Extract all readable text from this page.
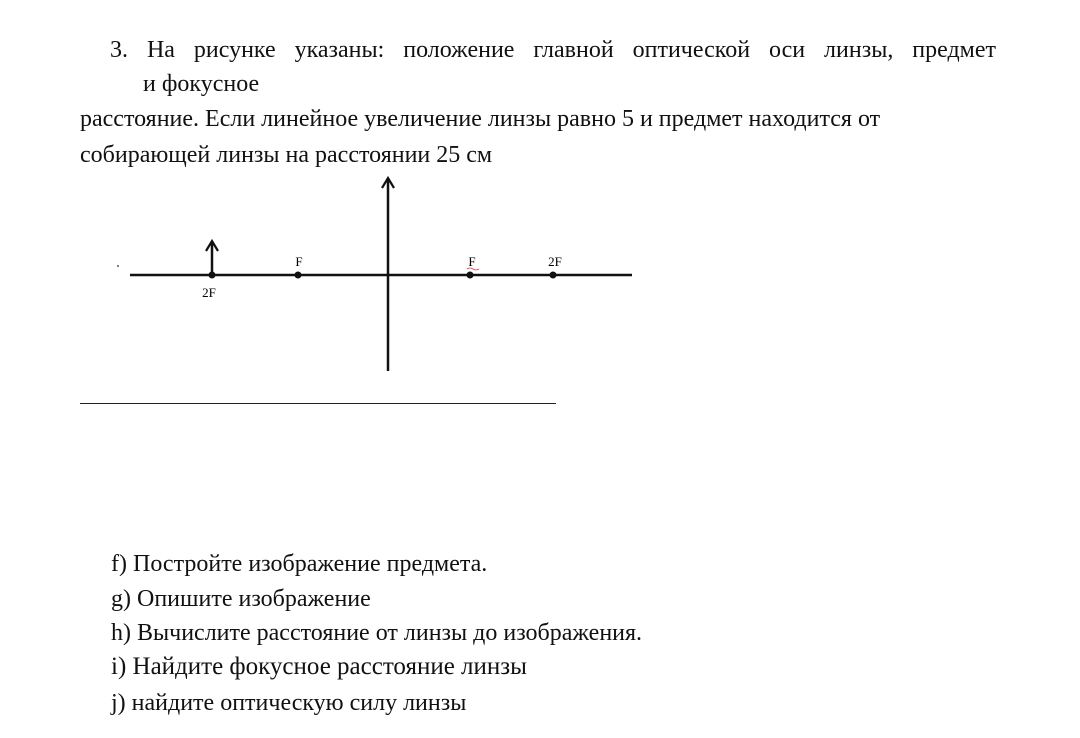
3. На рисунке указаны: положение главной оптической оси линзы, предмет
и фокусное
расстояние. Если линейное увеличение линзы равно 5 и предмет находится от
собирающей линзы на расстоянии 25 см
2F
F	F	2F
f) Постройте изображение предмета.
g) Опишите изображение
h) Вычислите расстояние от линзы до изображения.
i) Найдите фокусное расстояние линзы
j) найдите оптическую силу линзы
